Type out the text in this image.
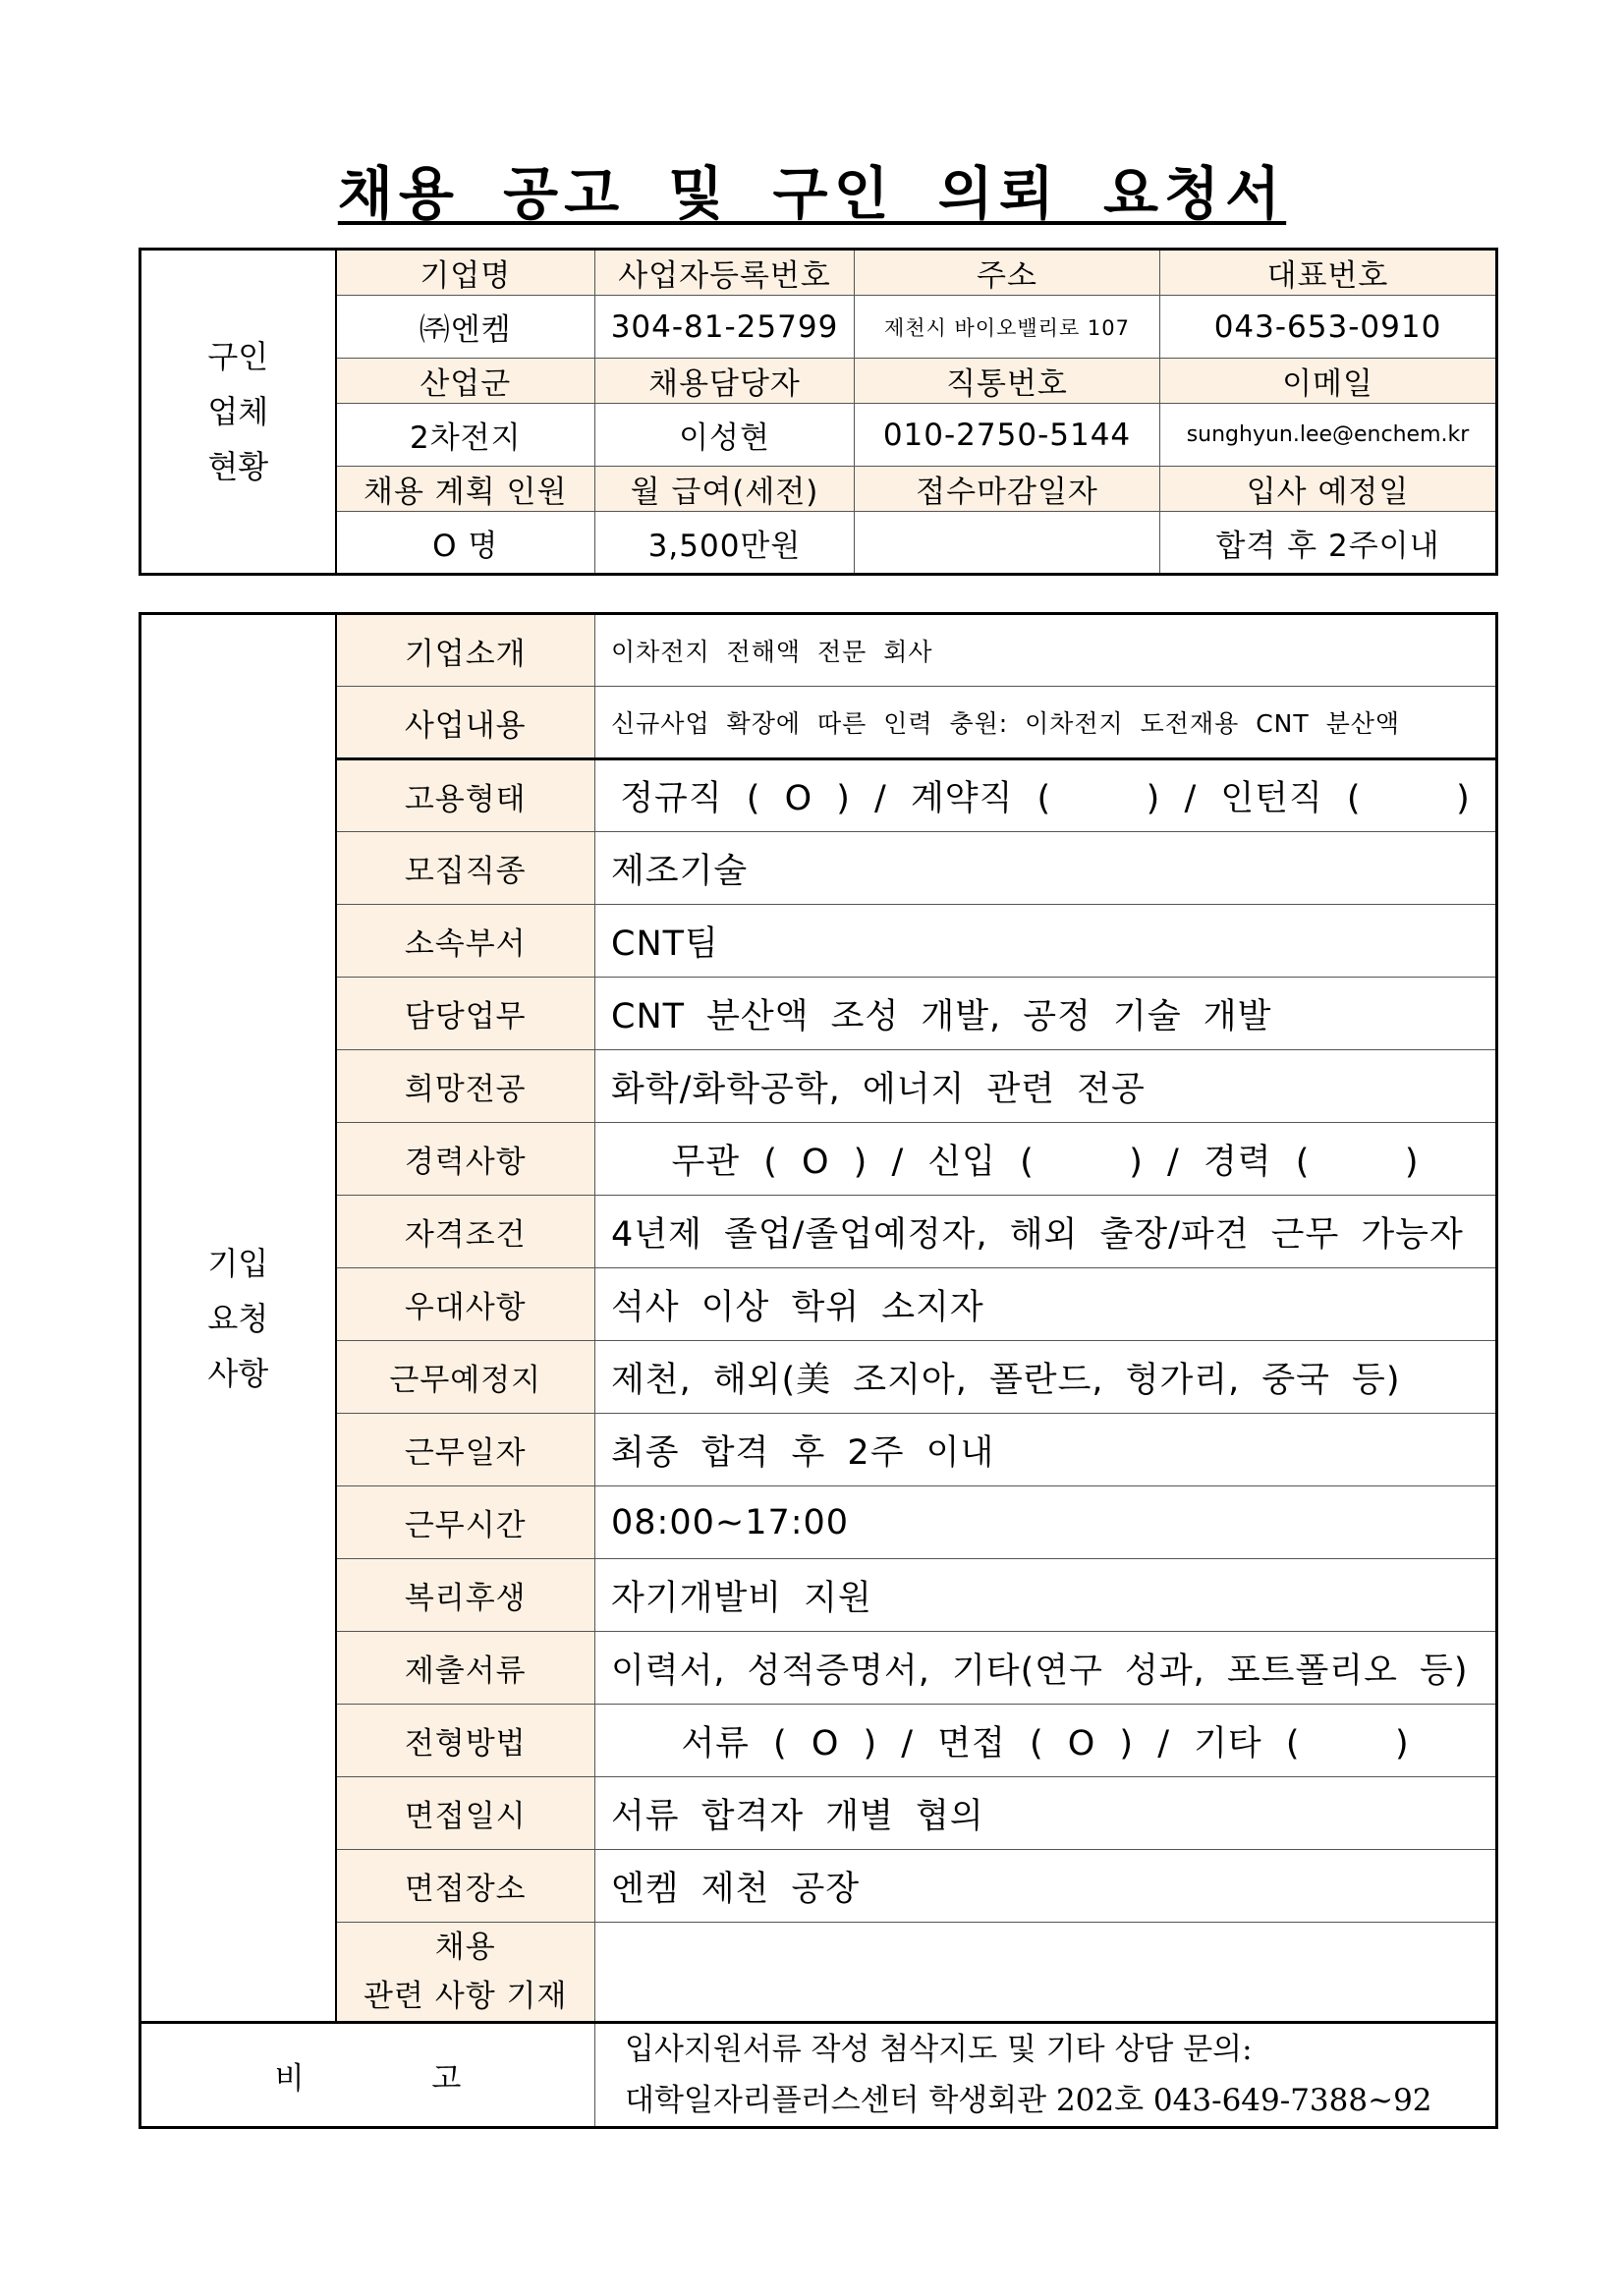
채용 공고 및 구인 의뢰 요청서
구인
업체
현황	기업명	사업자등록번호	주소	대표번호
	㈜엔켐	304-81-25799	제천시 바이오밸리로 107	043-653-0910
	산업군	채용담당자	직통번호	이메일
	2차전지	이성현	010-2750-5144	sunghyun.lee@enchem.kr
	채용 계획 인원	월 급여(세전)	접수마감일자	입사 예정일
	O 명	3,500만원		합격 후 2주이내
기입
요청
사항	기업소개	이차전지 전해액 전문 회사
	사업내용	신규사업 확장에 따른 인력 충원: 이차전지 도전재용 CNT 분산액
	고용형태	정규직 ( O ) / 계약직 (    ) / 인턴직 (    )
	모집직종	제조기술
	소속부서	CNT팀
	담당업무	CNT 분산액 조성 개발, 공정 기술 개발
	희망전공	화학/화학공학, 에너지 관련 전공
	경력사항	무관 ( O ) / 신입 (    ) / 경력 (    )
	자격조건	4년제 졸업/졸업예정자, 해외 출장/파견 근무 가능자
	우대사항	석사 이상 학위 소지자
	근무예정지	제천, 해외(美 조지아, 폴란드, 헝가리, 중국 등)
	근무일자	최종 합격 후 2주 이내
	근무시간	08:00~17:00
	복리후생	자기개발비 지원
	제출서류	이력서, 성적증명서, 기타(연구 성과, 포트폴리오 등)
	전형방법	서류 ( O ) / 면접 ( O ) / 기타 (    )
	면접일시	서류 합격자 개별 협의
	면접장소	엔켐 제천 공장

	채용
관련 사항 기재	

비 고		입사지원서류 작성 첨삭지도 및 기타 상담 문의:
대학일자리플러스센터 학생회관 202호 043-649-7388~92
